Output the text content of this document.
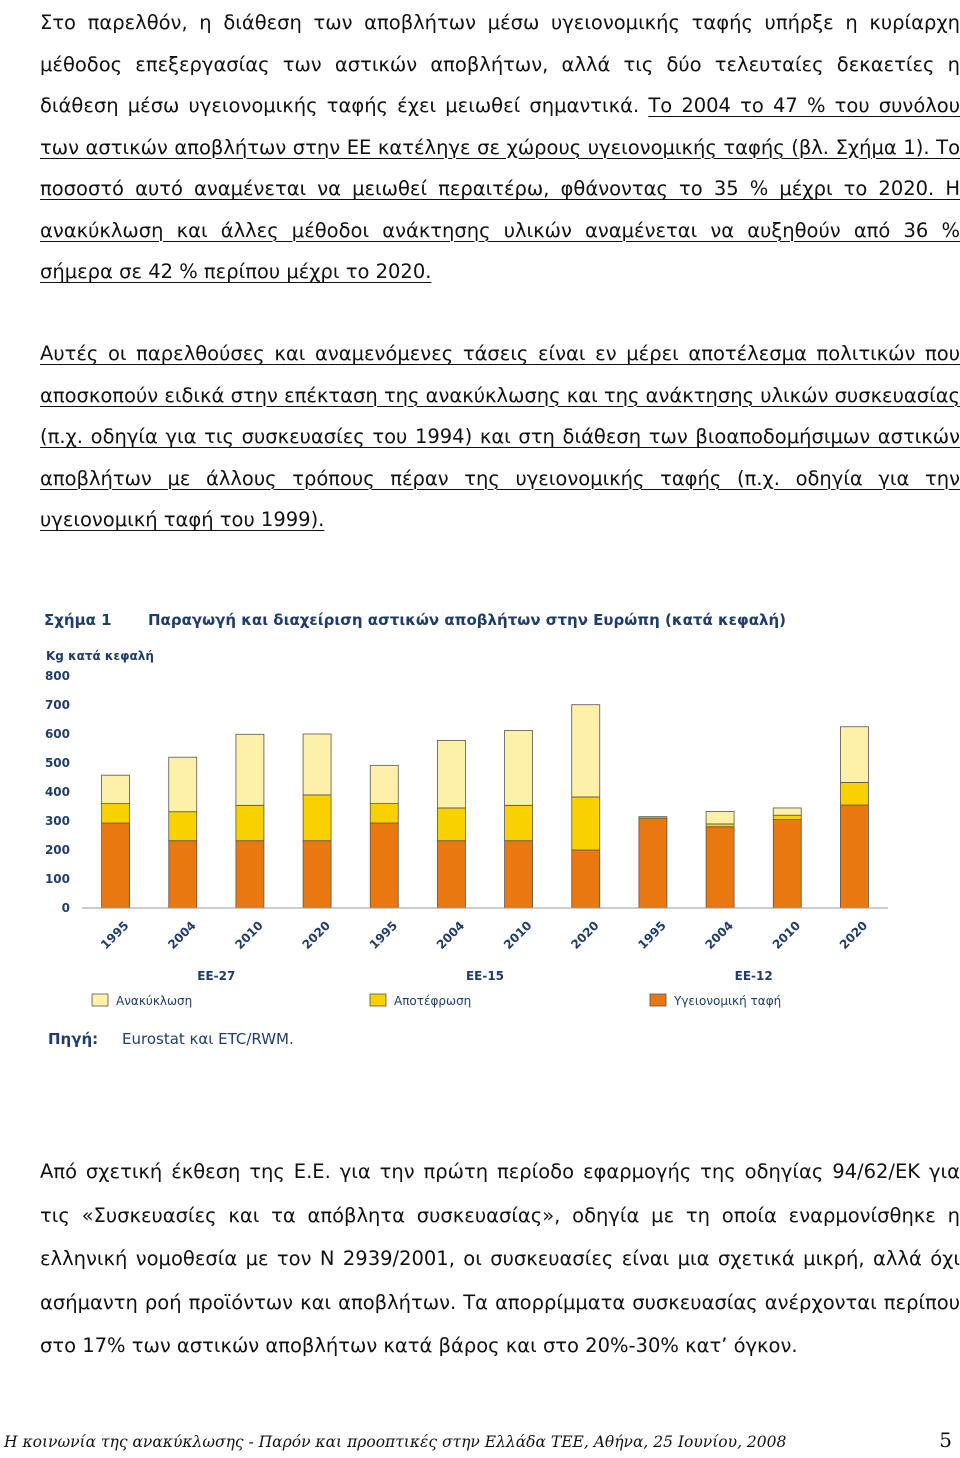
Στο παρελθόν, η διάθεση των αποβλήτων μέσω υγειονομικής ταφής υπήρξε η κυρίαρχη μέθοδος επεξεργασίας των αστικών αποβλήτων, αλλά τις δύο τελευταίες δεκαετίες η διάθεση μέσω υγειονομικής ταφής έχει μειωθεί σημαντικά. Το 2004 το 47 % του συνόλου των αστικών αποβλήτων στην ΕΕ κατέληγε σε χώρους υγειονομικής ταφής (βλ. Σχήμα 1). Το ποσοστό αυτό αναμένεται να μειωθεί περαιτέρω, φθάνοντας το 35 % μέχρι το 2020. Η ανακύκλωση και άλλες μέθοδοι ανάκτησης υλικών αναμένεται να αυξηθούν από 36 % σήμερα σε 42 % περίπου μέχρι το 2020.
Αυτές οι παρελθούσες και αναμενόμενες τάσεις είναι εν μέρει αποτέλεσμα πολιτικών που αποσκοπούν ειδικά στην επέκταση της ανακύκλωσης και της ανάκτησης υλικών συσκευασίας (π.χ. οδηγία για τις συσκευασίες του 1994) και στη διάθεση των βιοαποδομήσιμων αστικών αποβλήτων με άλλους τρόπους πέραν της υγειονομικής ταφής (π.χ. οδηγία για την υγειονομική ταφή του 1999).
Σχήμα 1 Παραγωγή και διαχείριση αστικών αποβλήτων στην Ευρώπη (κατά κεφαλή)
Kg κατά κεφαλή
0
100
200
300
400
500
600
700
800
1995	2004	2010	2020	1995	2004	2010	2020	1995	2004	2010	2020
ΕΕ-27	ΕΕ-15	ΕΕ-12
Ανακύκλωση	Αποτέφρωση	Υγειονομική ταφή
Πηγή: Eurostat και ETC/RWM.
Από σχετική έκθεση της Ε.Ε. για την πρώτη περίοδο εφαρμογής της οδηγίας 94/62/ΕΚ για τις «Συσκευασίες και τα απόβλητα συσκευασίας», οδηγία με τη οποία εναρμονίσθηκε η ελληνική νομοθεσία με τον Ν 2939/2001, οι συσκευασίες είναι μια σχετικά μικρή, αλλά όχι ασήμαντη ροή προϊόντων και αποβλήτων. Τα απορρίμματα συσκευασίας ανέρχονται περίπου στο 17% των αστικών αποβλήτων κατά βάρος και στο 20%-30% κατ’ όγκον.
Η κοινωνία της ανακύκλωσης - Παρόν και προοπτικές στην Ελλάδα ΤΕΕ, Αθήνα, 25 Ιουνίου, 2008	5
